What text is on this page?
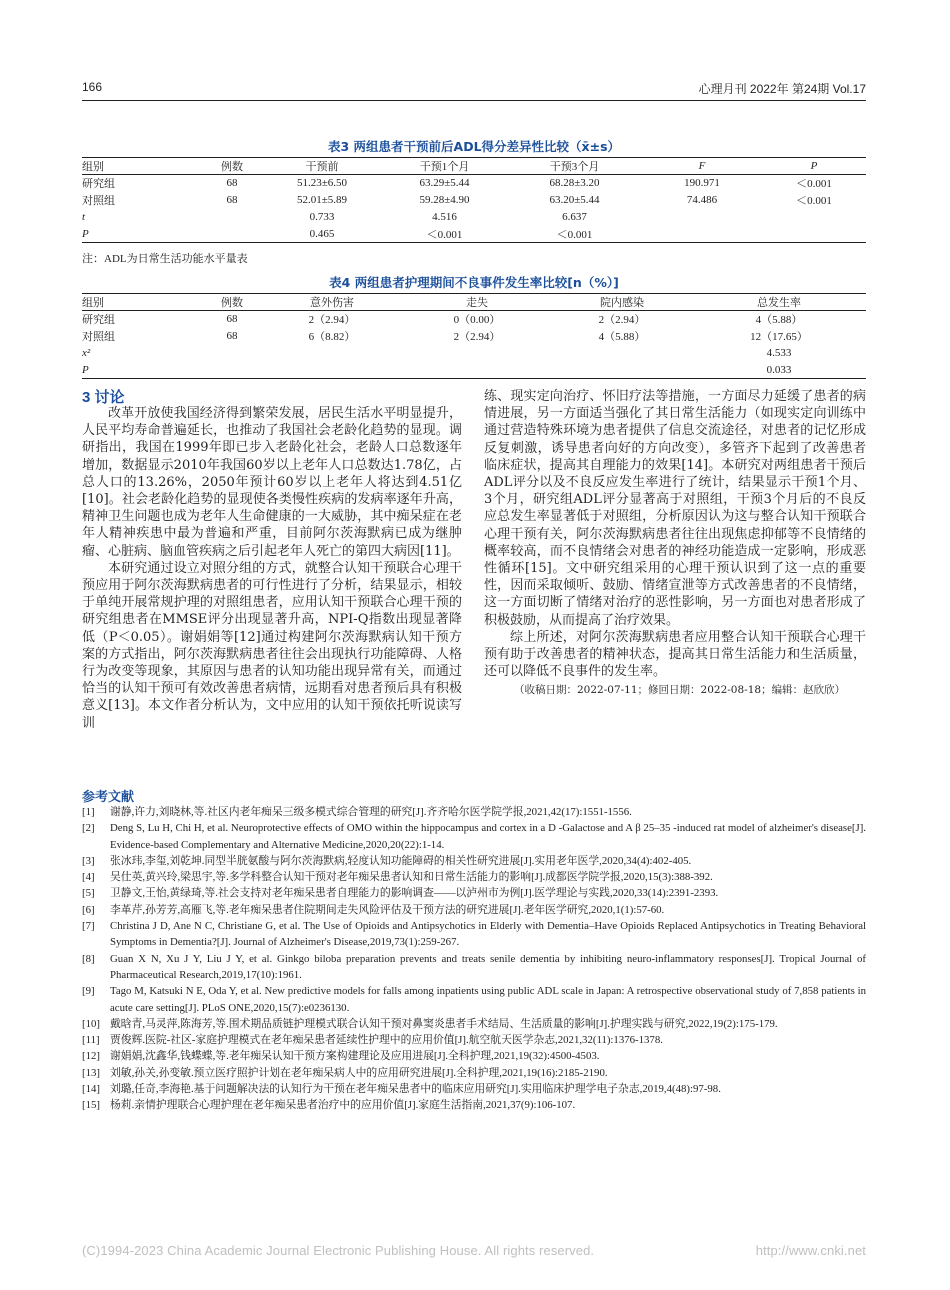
166	心理月刊 2022年 第24期 Vol.17
表3 两组患者干预前后ADL得分差异性比较（x̄±s）
组别	例数	干预前	干预1个月	干预3个月	F	P
研究组	68	51.23±6.50	63.29±5.44	68.28±3.20	190.971	＜0.001
对照组	68	52.01±5.89	59.28±4.90	63.20±5.44	74.486	＜0.001
t		0.733	4.516	6.637		
P		0.465	＜0.001	＜0.001		
注：ADL为日常生活功能水平量表
表4 两组患者护理期间不良事件发生率比较[n（%）]
组别	例数	意外伤害	走失	院内感染	总发生率
研究组	68	2（2.94）	0（0.00）	2（2.94）	4（5.88）
对照组	68	6（8.82）	2（2.94）	4（5.88）	12（17.65）
x²					4.533
P					0.033
3 讨论

改革开放使我国经济得到繁荣发展，居民生活水平明显提升，人民平均寿命普遍延长，也推动了我国社会老龄化趋势的显现。调研指出，我国在1999年即已步入老龄化社会，老龄人口总数逐年增加，数据显示2010年我国60岁以上老年人口总数达1.78亿，占总人口的13.26%，2050年预计60岁以上老年人将达到4.51亿[10]。社会老龄化趋势的显现使各类慢性疾病的发病率逐年升高，精神卫生问题也成为老年人生命健康的一大威胁，其中痴呆症在老年人精神疾患中最为普遍和严重，目前阿尔茨海默病已成为继肿瘤、心脏病、脑血管疾病之后引起老年人死亡的第四大病因[11]。

本研究通过设立对照分组的方式，就整合认知干预联合心理干预应用于阿尔茨海默病患者的可行性进行了分析，结果显示，相较于单纯开展常规护理的对照组患者，应用认知干预联合心理干预的研究组患者在MMSE评分出现显著升高，NPI-Q指数出现显著降低（P＜0.05）。谢娟娟等[12]通过构建阿尔茨海默病认知干预方案的方式指出，阿尔茨海默病患者往往会出现执行功能障碍、人格行为改变等现象，其原因与患者的认知功能出现异常有关，而通过恰当的认知干预可有效改善患者病情，远期看对患者预后具有积极意义[13]。本文作者分析认为，文中应用的认知干预依托听说读写训

练、现实定向治疗、怀旧疗法等措施，一方面尽力延缓了患者的病情进展，另一方面适当强化了其日常生活能力（如现实定向训练中通过营造特殊环境为患者提供了信息交流途径，对患者的记忆形成反复刺激，诱导患者向好的方向改变），多管齐下起到了改善患者临床症状，提高其自理能力的效果[14]。本研究对两组患者干预后ADL评分以及不良反应发生率进行了统计，结果显示干预1个月、3个月，研究组ADL评分显著高于对照组，干预3个月后的不良反应总发生率显著低于对照组，分析原因认为这与整合认知干预联合心理干预有关，阿尔茨海默病患者往往出现焦虑抑郁等不良情绪的概率较高，而不良情绪会对患者的神经功能造成一定影响，形成恶性循环[15]。文中研究组采用的心理干预认识到了这一点的重要性，因而采取倾听、鼓励、情绪宣泄等方式改善患者的不良情绪，这一方面切断了情绪对治疗的恶性影响，另一方面也对患者形成了积极鼓励，从而提高了治疗效果。

综上所述，对阿尔茨海默病患者应用整合认知干预联合心理干预有助于改善患者的精神状态，提高其日常生活能力和生活质量，还可以降低不良事件的发生率。

（收稿日期：2022-07-11；修回日期：2022-08-18；编辑：赵欣欣）

参考文献
[1]	谢静,许力,刘晓林,等.社区内老年痴呆三级多模式综合管理的研究[J].齐齐哈尔医学院学报,2021,42(17):1551-1556.
[2]	Deng S, Lu H, Chi H, et al. Neuroprotective effects of OMO within the hippocampus and cortex in a D -Galactose and A β 25–35 -induced rat model of alzheimer's disease[J]. Evidence-based Complementary and Alternative Medicine,2020,20(22):1-14.
[3]	张冰玮,李玺,刘乾坤.同型半胱氨酸与阿尔茨海默病,轻度认知功能障碍的相关性研究进展[J].实用老年医学,2020,34(4):402-405.
[4]	吴仕英,黄兴玲,梁思宇,等.多学科整合认知干预对老年痴呆患者认知和日常生活能力的影响[J].成都医学院学报,2020,15(3):388-392.
[5]	卫静文,王怡,黄绿琦,等.社会支持对老年痴呆患者自理能力的影响调查——以泸州市为例[J].医学理论与实践,2020,33(14):2391-2393.
[6]	李革芹,孙芳芳,高雁飞,等.老年痴呆患者住院期间走失风险评估及干预方法的研究进展[J].老年医学研究,2020,1(1):57-60.
[7]	Christina J D, Ane N C, Christiane G, et al. The Use of Opioids and Antipsychotics in Elderly with Dementia–Have Opioids Replaced Antipsychotics in Treating Behavioral Symptoms in Dementia?[J]. Journal of Alzheimer's Disease,2019,73(1):259-267.
[8]	Guan X N, Xu J Y, Liu J Y, et al. Ginkgo biloba preparation prevents and treats senile dementia by inhibiting neuro-inflammatory responses[J]. Tropical Journal of Pharmaceutical Research,2019,17(10):1961.
[9]	Tago M, Katsuki N E, Oda Y, et al. New predictive models for falls among inpatients using public ADL scale in Japan: A retrospective observational study of 7,858 patients in acute care setting[J]. PLoS ONE,2020,15(7):e0236130.
[10] 戴晗青,马灵萍,陈海芳,等.围术期品质链护理模式联合认知干预对鼻窦炎患者手术结局、生活质量的影响[J].护理实践与研究,2022,19(2):175-179.
[11] 贾俊辉.医院-社区-家庭护理模式在老年痴呆患者延续性护理中的应用价值[J].航空航天医学杂志,2021,32(11):1376-1378.
[12] 谢娟娟,沈鑫华,钱蝶蝶,等.老年痴呆认知干预方案构建理论及应用进展[J].全科护理,2021,19(32):4500-4503.
[13] 刘敏,孙关,孙变敏.预立医疗照护计划在老年痴呆病人中的应用研究进展[J].全科护理,2021,19(16):2185-2190.
[14] 刘璐,任奇,李海艳.基于问题解决法的认知行为干预在老年痴呆患者中的临床应用研究[J].实用临床护理学电子杂志,2019,4(48):97-98.
[15] 杨莉.亲情护理联合心理护理在老年痴呆患者治疗中的应用价值[J].家庭生活指南,2021,37(9):106-107.
(C)1994-2023 China Academic Journal Electronic Publishing House. All rights reserved.	http://www.cnki.net
